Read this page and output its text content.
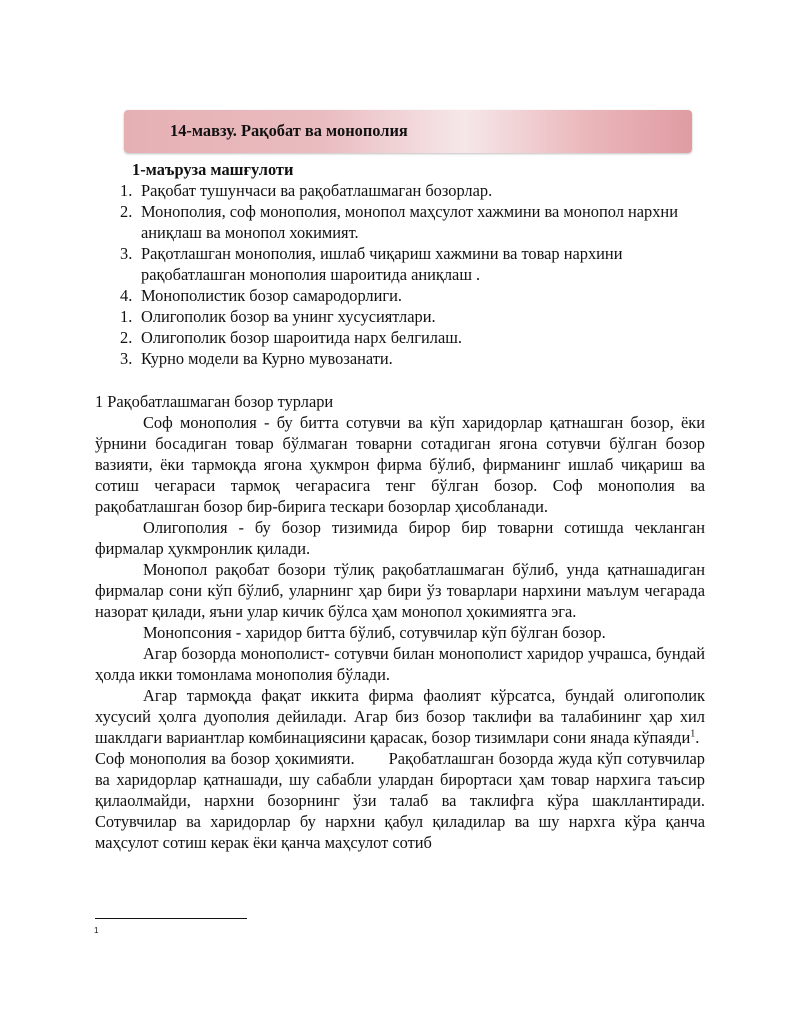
14-мавзу. Рақобат ва монополия
1-маъруза машғулоти
1. Рақобат тушунчаси ва рақобатлашмаган бозорлар.
2. Монополия, соф монополия, монопол маҳсулот хажмини ва монопол нархни аниқлаш ва монопол хокимият.
3. Рақотлашган монополия, ишлаб чиқариш хажмини ва товар нархини рақобатлашган монополия шароитида аниқлаш .
4. Монополистик бозор самародорлиги.
1. Олигополик бозор ва унинг хусусиятлари.
2. Олигополик бозор шароитида нарх белгилаш.
3. Курно модели ва Курно мувозанати.
1 Рақобатлашмаган бозор турлари

Соф монополия - бу битта сотувчи ва кўп харидорлар қатнашган бозор, ёки ўрнини босадиган товар бўлмаган товарни сотадиган ягона сотувчи бўлган бозор вазияти, ёки тармоқда ягона ҳукмрон фирма бўлиб, фирманинг ишлаб чиқариш ва сотиш чегараси тармоқ чегарасига тенг бўлган бозор. Соф монополия ва рақобатлашган бозор бир-бирига тескари бозорлар ҳисобланади.

Олигополия - бу бозор тизимида бирор бир товарни сотишда чекланган фирмалар ҳукмронлик қилади.

Монопол рақобат бозори тўлиқ рақобатлашмаган бўлиб, унда қатнашадиган фирмалар сони кўп бўлиб, уларнинг ҳар бири ўз товарлари нархини маълум чегарада назорат қилади, яъни улар кичик бўлса ҳам монопол ҳокимиятга эга.

Монопсония - харидор битта бўлиб, сотувчилар кўп бўлган бозор.

Агар бозорда монополист- сотувчи билан монополист харидор учрашса, бундай ҳолда икки томонлама монополия бўлади.

Агар тармоқда фақат иккита фирма фаолият кўрсатса, бундай олигополик хусусий ҳолга дуополия дейилади. Агар биз бозор таклифи ва талабининг ҳар хил шаклдаги вариантлар комбинациясини қарасак, бозор тизимлари сони янада кўпаяди$^1$.

Соф монополия ва бозор ҳокимияти. Рақобатлашган бозорда жуда кўп сотувчилар ва харидорлар қатнашади, шу сабабли улардан бирортаси ҳам товар нархига таъсир қилаолмайди, нархни бозорнинг ўзи талаб ва таклифга кўра шакллантиради. Сотувчилар ва харидорлар бу нархни қабул қиладилар ва шу нархга кўра қанча маҳсулот сотиш керак ёки қанча маҳсулот сотиб

1
